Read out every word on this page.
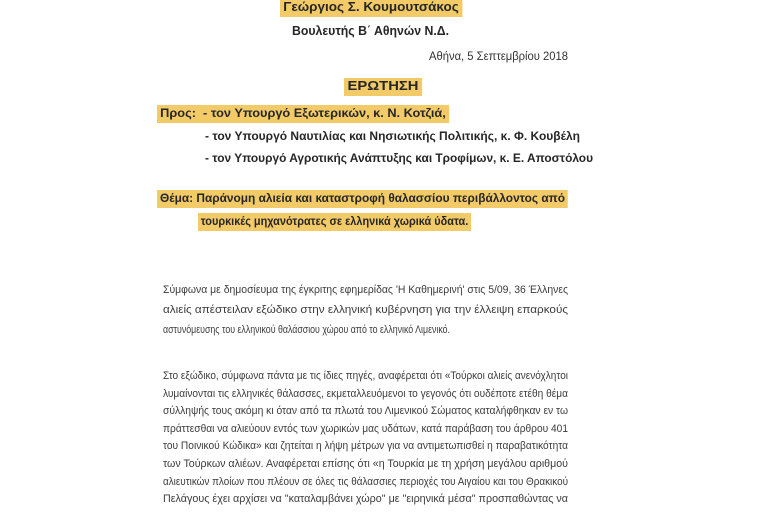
Γεώργιος Σ. Κουμουτσάκος
Βουλευτής Β΄ Αθηνών Ν.Δ.
Αθήνα, 5 Σεπτεμβρίου 2018
ΕΡΩΤΗΣΗ
Προς:  - τον Υπουργό Εξωτερικών, κ. Ν. Κοτζιά,
- τον Υπουργό Ναυτιλίας και Νησιωτικής Πολιτικής, κ. Φ. Κουβέλη
- τον Υπουργό Αγροτικής Ανάπτυξης και Τροφίμων, κ. Ε. Αποστόλου
Θέμα: Παράνομη αλιεία και καταστροφή θαλασσίου περιβάλλοντος από
τουρκικές μηχανότρατες σε ελληνικά χωρικά ύδατα.
Σύμφωνα με δημοσίευμα της έγκριτης εφημερίδας 'Η Καθημερινή' στις 5/09, 36 Έλληνες
αλιείς απέστειλαν εξώδικο στην ελληνική κυβέρνηση για την έλλειψη επαρκούς
αστυνόμευσης του ελληνικού θαλάσσιου χώρου από το ελληνικό Λιμενικό.
Στο εξώδικο, σύμφωνα πάντα με τις ίδιες πηγές, αναφέρεται ότι «Τούρκοι αλιείς ανενόχλητοι
λυμαίνονται τις ελληνικές θάλασσες, εκμεταλλευόμενοι το γεγονός ότι ουδέποτε ετέθη θέμα
σύλληψής τους ακόμη κι όταν από τα πλωτά του Λιμενικού Σώματος καταλήφθηκαν εν τω
πράττεσθαι να αλιεύουν εντός των χωρικών μας υδάτων, κατά παράβαση του άρθρου 401
του Ποινικού Κώδικα» και ζητείται η λήψη μέτρων για να αντιμετωπισθεί η παραβατικότητα
των Τούρκων αλιέων. Αναφέρεται επίσης ότι «η Τουρκία με τη χρήση μεγάλου αριθμού
αλιευτικών πλοίων που πλέουν σε όλες τις θάλασσιες περιοχές του Αιγαίου και του Θρακικού
Πελάγους έχει αρχίσει να "καταλαμβάνει χώρο" με "ειρηνικά μέσα" προσπαθώντας να
